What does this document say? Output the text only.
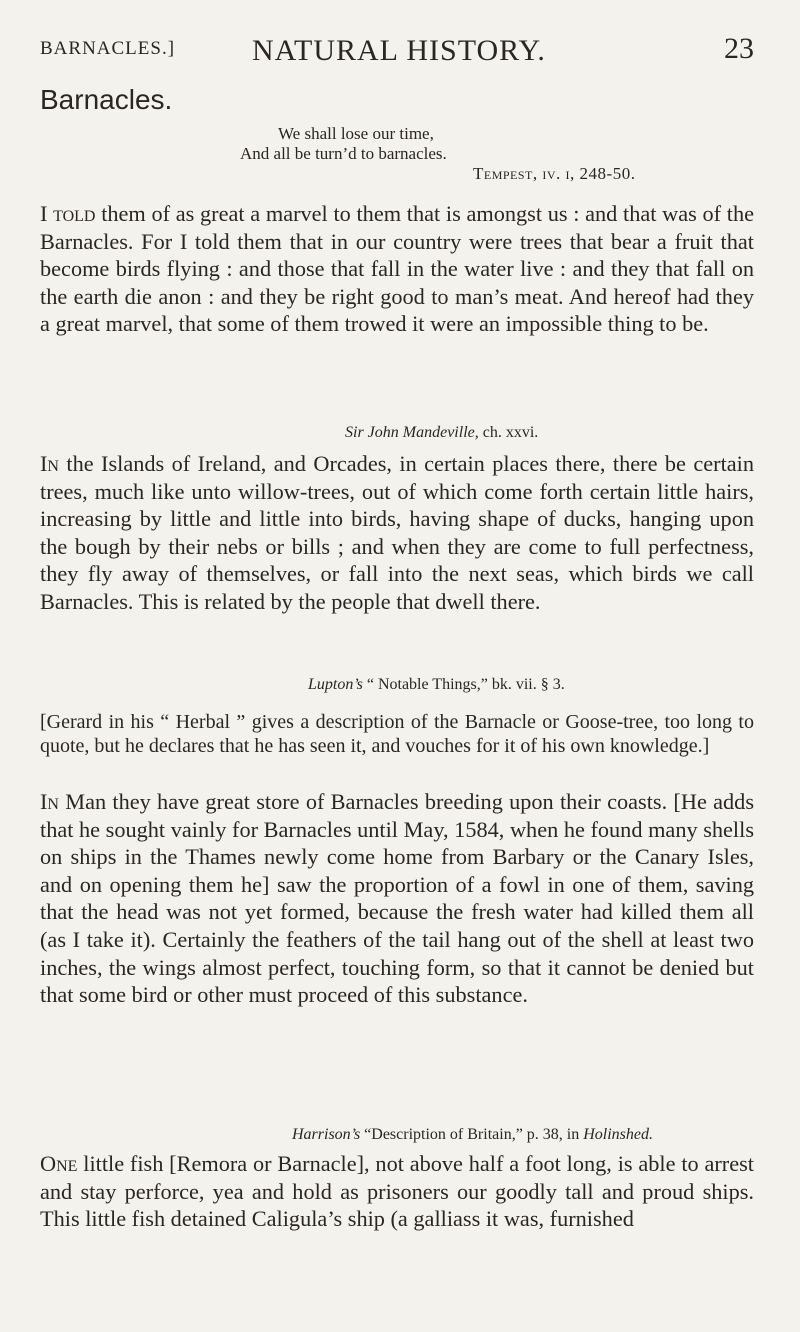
BARNACLES.]	NATURAL HISTORY.	23
Barnacles.
We shall lose our time,
And all be turn’d to barnacles.
Tempest, iv. i, 248-50.

I told them of as great a marvel to them that is amongst us : and that was of the Barnacles. For I told them that in our country were trees that bear a fruit that become birds flying : and those that fall in the water live : and they that fall on the earth die anon : and they be right good to man’s meat. And hereof had they a great marvel, that some of them trowed it were an impossible thing to be.

Sir John Mandeville, ch. xxvi.

In the Islands of Ireland, and Orcades, in certain places there, there be certain trees, much like unto willow-trees, out of which come forth certain little hairs, increasing by little and little into birds, having shape of ducks, hanging upon the bough by their nebs or bills ; and when they are come to full perfectness, they fly away of themselves, or fall into the next seas, which birds we call Barnacles. This is related by the people that dwell there.

Lupton’s “ Notable Things,” bk. vii. § 3.

[Gerard in his “ Herbal ” gives a description of the Barnacle or Goose-tree, too long to quote, but he declares that he has seen it, and vouches for it of his own knowledge.]

In Man they have great store of Barnacles breeding upon their coasts. [He adds that he sought vainly for Barnacles until May, 1584, when he found many shells on ships in the Thames newly come home from Barbary or the Canary Isles, and on opening them he] saw the proportion of a fowl in one of them, saving that the head was not yet formed, because the fresh water had killed them all (as I take it). Certainly the feathers of the tail hang out of the shell at least two inches, the wings almost perfect, touching form, so that it cannot be denied but that some bird or other must proceed of this substance.

Harrison’s “Description of Britain,” p. 38, in Holinshed.

One little fish [Remora or Barnacle], not above half a foot long, is able to arrest and stay perforce, yea and hold as prisoners our goodly tall and proud ships. This little fish detained Caligula’s ship (a galliass it was, furnished
